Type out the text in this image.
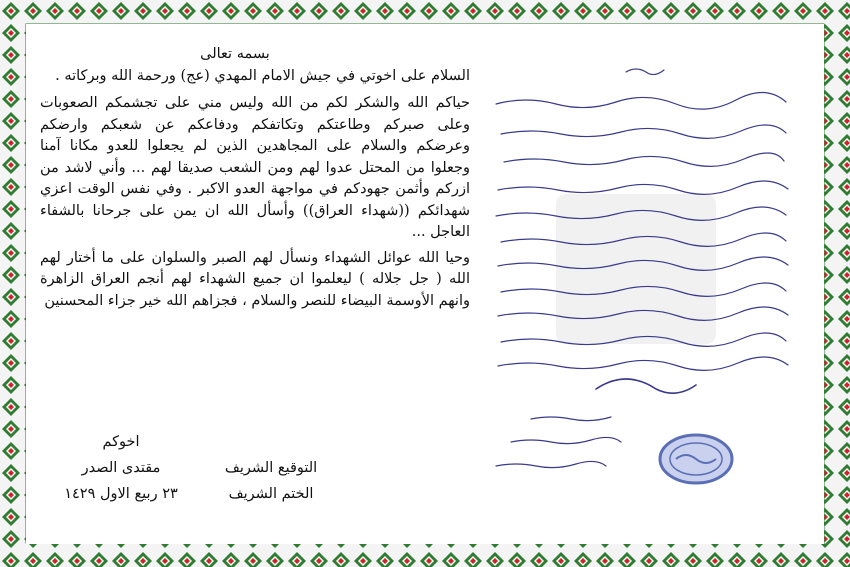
بسمه تعالى

السلام على اخوتي في جيش الامام المهدي (عج) ورحمة الله وبركاته .

حياكم الله والشكر لكم من الله وليس مني على تجشمكم الصعوبات وعلى صبركم وطاعتكم وتكاتفكم ودفاعكم عن شعبكم وارضكم وعرضكم والسلام على المجاهدين الذين لم يجعلوا للعدو مكانا آمنا وجعلوا من المحتل عدوا لهم ومن الشعب صديقا لهم ... وأني لاشد من ازركم وأثمن جهودكم في مواجهة العدو الاكبر . وفي نفس الوقت اعزي شهدائكم ((شهداء العراق)) وأسأل الله ان يمن على جرحانا بالشفاء العاجل ...

وحيا الله عوائل الشهداء ونسأل لهم الصبر والسلوان على ما أختار لهم الله ( جل جلاله ) ليعلموا ان جميع الشهداء لهم أنجم العراق الزاهرة وانهم الأوسمة البيضاء للنصر والسلام ، فجزاهم الله خير جزاء المحسنين

اخوكم
التوقيع الشريف
مقتدى الصدر
الختم الشريف
٢٣ ربيع الاول ١٤٢٩
